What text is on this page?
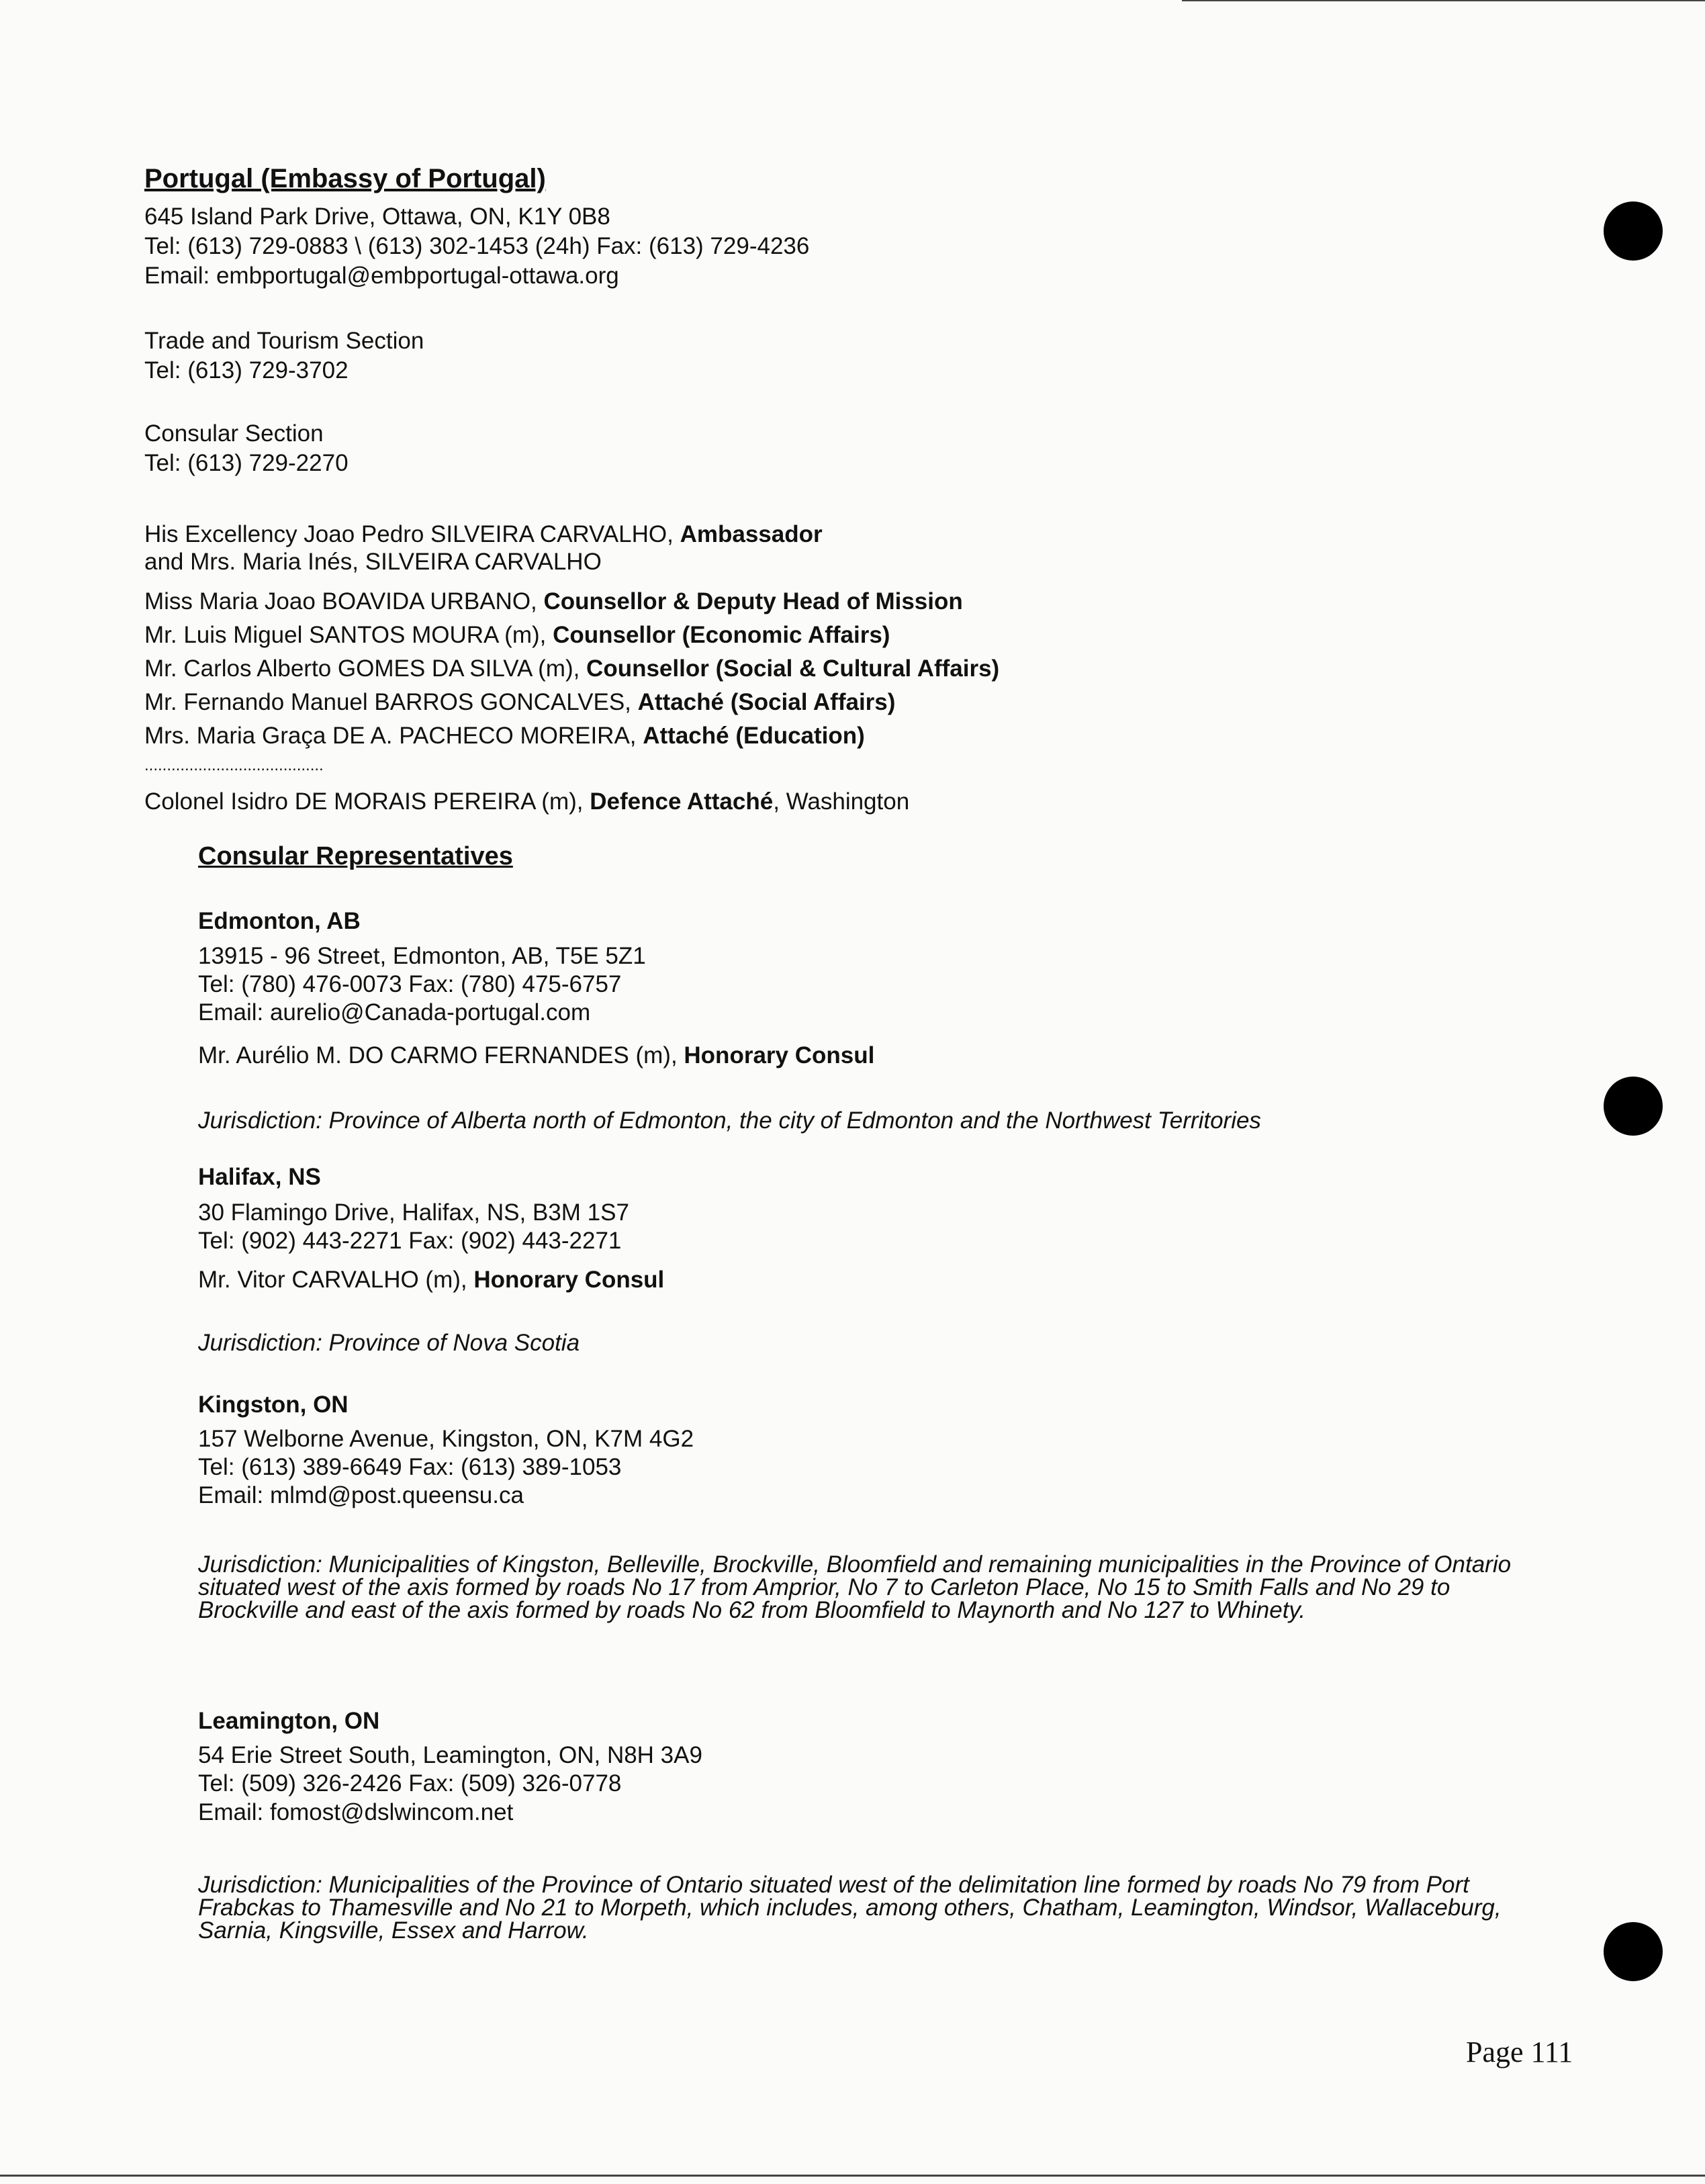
Portugal (Embassy of Portugal)
645 Island Park Drive, Ottawa, ON, K1Y 0B8
Tel: (613) 729-0883 \ (613) 302-1453 (24h) Fax: (613) 729-4236
Email: embportugal@embportugal-ottawa.org
Trade and Tourism Section
Tel: (613) 729-3702
Consular Section
Tel: (613) 729-2270
His Excellency Joao Pedro SILVEIRA CARVALHO, Ambassador
and Mrs. Maria Inés, SILVEIRA CARVALHO
Miss Maria Joao BOAVIDA URBANO, Counsellor & Deputy Head of Mission
Mr. Luis Miguel SANTOS MOURA (m), Counsellor (Economic Affairs)
Mr. Carlos Alberto GOMES DA SILVA (m), Counsellor (Social & Cultural Affairs)
Mr. Fernando Manuel BARROS GONCALVES, Attaché (Social Affairs)
Mrs. Maria Graça DE A. PACHECO MOREIRA, Attaché (Education)
........................................
Colonel Isidro DE MORAIS PEREIRA (m), Defence Attaché, Washington
Consular Representatives
Edmonton, AB
13915 - 96 Street, Edmonton, AB, T5E 5Z1
Tel: (780) 476-0073 Fax: (780) 475-6757
Email: aurelio@Canada-portugal.com
Mr. Aurélio M. DO CARMO FERNANDES (m), Honorary Consul
Jurisdiction: Province of Alberta north of Edmonton, the city of Edmonton and the Northwest Territories
Halifax, NS
30 Flamingo Drive, Halifax, NS, B3M 1S7
Tel: (902) 443-2271 Fax: (902) 443-2271
Mr. Vitor CARVALHO (m), Honorary Consul
Jurisdiction: Province of Nova Scotia
Kingston, ON
157 Welborne Avenue, Kingston, ON, K7M 4G2
Tel: (613) 389-6649 Fax: (613) 389-1053
Email: mlmd@post.queensu.ca
Jurisdiction: Municipalities of Kingston, Belleville, Brockville, Bloomfield and remaining municipalities in the Province of Ontario situated west of the axis formed by roads No 17 from Amprior, No 7 to Carleton Place, No 15 to Smith Falls and No 29 to Brockville and east of the axis formed by roads No 62 from Bloomfield to Maynorth and No 127 to Whinety.
Leamington, ON
54 Erie Street South, Leamington, ON, N8H 3A9
Tel: (509) 326-2426 Fax: (509) 326-0778
Email: fomost@dslwincom.net
Jurisdiction: Municipalities of the Province of Ontario situated west of the delimitation line formed by roads No 79 from Port Frabckas to Thamesville and No 21 to Morpeth, which includes, among others, Chatham, Leamington, Windsor, Wallaceburg, Sarnia, Kingsville, Essex and Harrow.
Page 111
